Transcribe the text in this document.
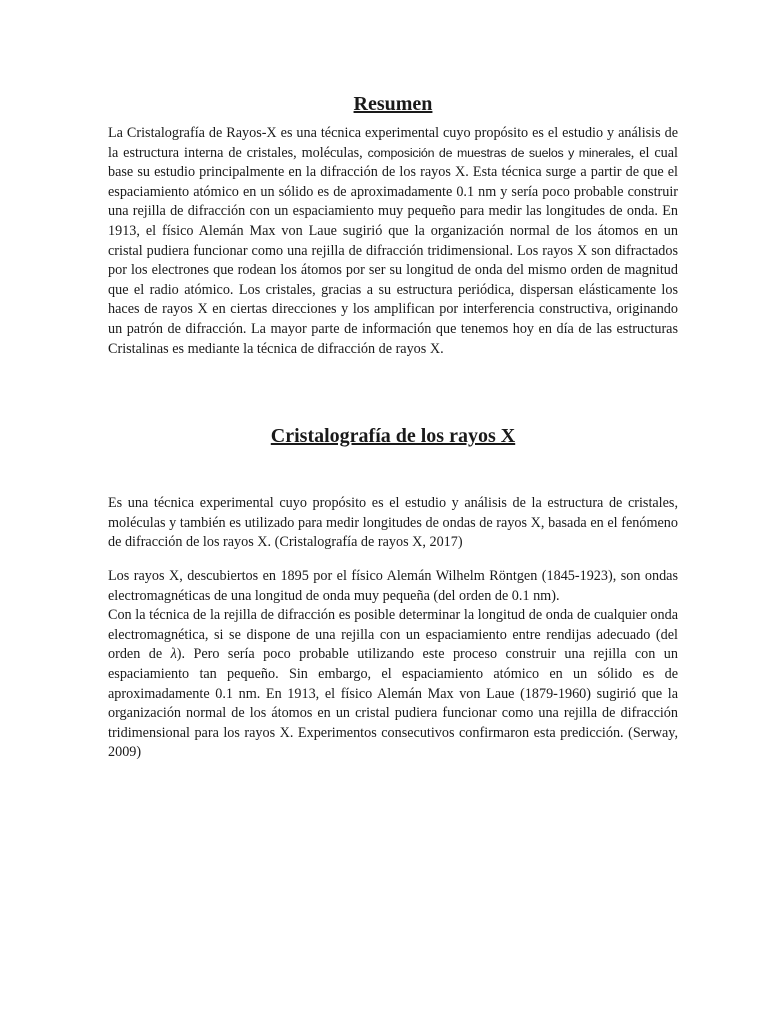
Resumen

La Cristalografía de Rayos-X es una técnica experimental cuyo propósito es el estudio y análisis de la estructura interna de cristales, moléculas, composición de muestras de suelos y minerales, el cual base su estudio principalmente en la difracción de los rayos X. Esta técnica surge a partir de que el espaciamiento atómico en un sólido es de aproximadamente 0.1 nm y sería poco probable construir una rejilla de difracción con un espaciamiento muy pequeño para medir las longitudes de onda. En 1913, el físico Alemán Max von Laue sugirió que la organización normal de los átomos en un cristal pudiera funcionar como una rejilla de difracción tridimensional. Los rayos X son difractados por los electrones que rodean los átomos por ser su longitud de onda del mismo orden de magnitud que el radio atómico. Los cristales, gracias a su estructura periódica, dispersan elásticamente los haces de rayos X en ciertas direcciones y los amplifican por interferencia constructiva, originando un patrón de difracción. La mayor parte de información que tenemos hoy en día de las estructuras Cristalinas es mediante la técnica de difracción de rayos X.

Cristalografía de los rayos X

Es una técnica experimental cuyo propósito es el estudio y análisis de la estructura de cristales, moléculas y también es utilizado para medir longitudes de ondas de rayos X, basada en el fenómeno de difracción de los rayos X. (Cristalografía de rayos X, 2017)

Los rayos X, descubiertos en 1895 por el físico Alemán Wilhelm Röntgen (1845-1923), son ondas electromagnéticas de una longitud de onda muy pequeña (del orden de 0.1 nm).

Con la técnica de la rejilla de difracción es posible determinar la longitud de onda de cualquier onda electromagnética, si se dispone de una rejilla con un espaciamiento entre rendijas adecuado (del orden de λ). Pero sería poco probable utilizando este proceso construir una rejilla con un espaciamiento tan pequeño. Sin embargo, el espaciamiento atómico en un sólido es de aproximadamente 0.1 nm. En 1913, el físico Alemán Max von Laue (1879-1960) sugirió que la organización normal de los átomos en un cristal pudiera funcionar como una rejilla de difracción tridimensional para los rayos X. Experimentos consecutivos confirmaron esta predicción. (Serway, 2009)
